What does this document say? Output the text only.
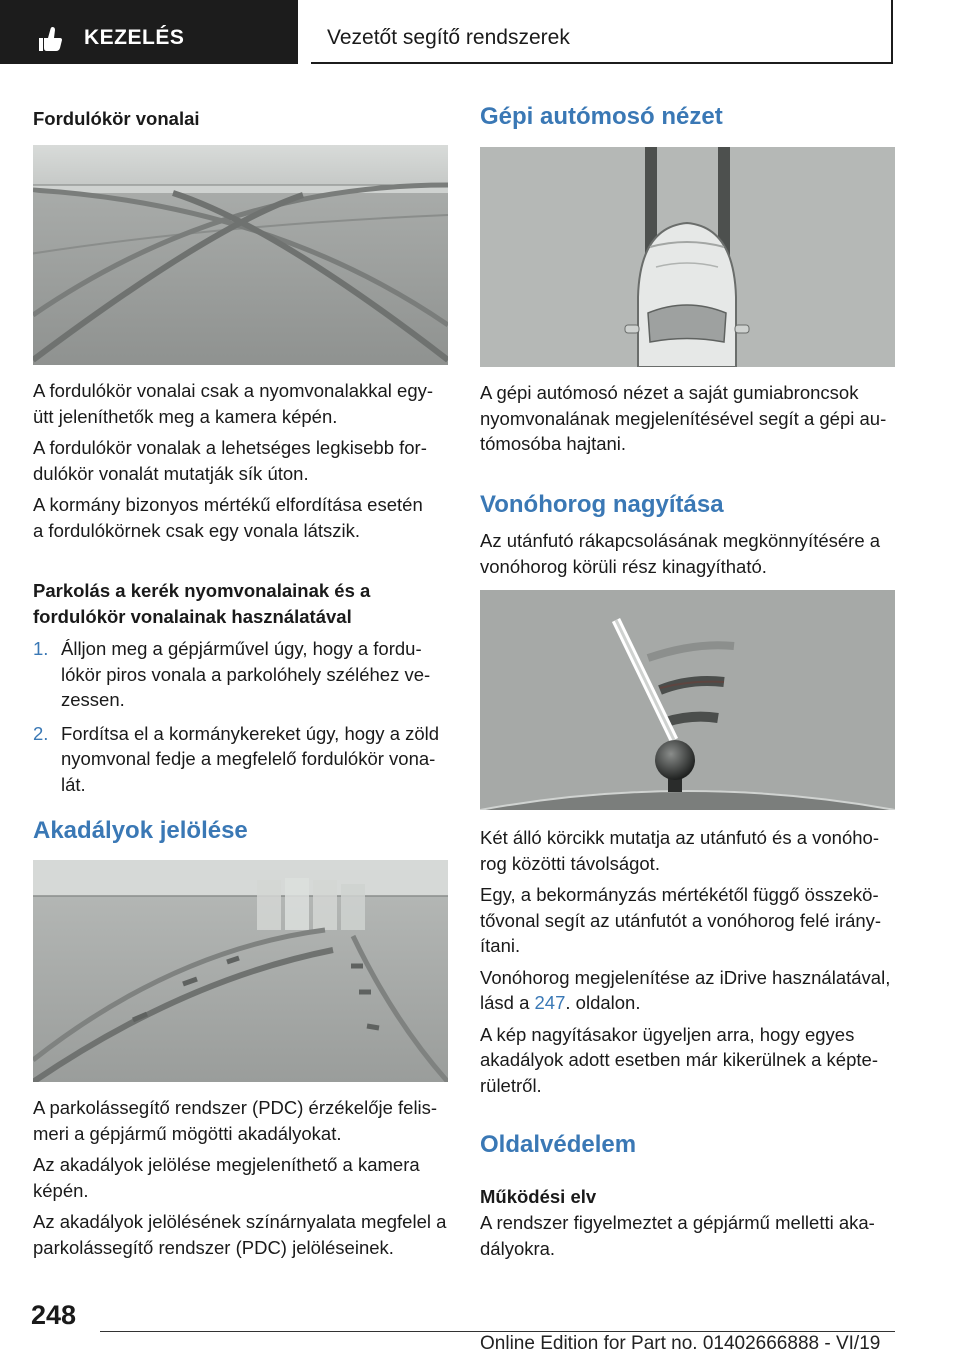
KEZELÉS	Vezetőt segítő rendszerek

Fordulókör vonalai

A fordulókör vonalai csak a nyomvonalakkal egy‐

ütt jeleníthetők meg a kamera képén.

A fordulókör vonalak a lehetséges legkisebb for‐

dulókör vonalát mutatják sík úton.

A kormány bizonyos mértékű elfordítása esetén

a fordulókörnek csak egy vonala látszik.

Parkolás a kerék nyomvonalainak és a

fordulókör vonalainak használatával

1. Álljon meg a gépjárművel úgy, hogy a fordu‐
lókör piros vonala a parkolóhely széléhez ve‐
zessen.
2. Fordítsa el a kormánykereket úgy, hogy a zöld
nyomvonal fedje a megfelelő fordulókör vona‐
lát.

Akadályok jelölése

A parkolássegítő rendszer (PDC) érzékelője felis‐

meri a gépjármű mögötti akadályokat.

Az akadályok jelölése megjeleníthető a kamera

képén.

Az akadályok jelölésének színárnyalata megfelel a

parkolássegítő rendszer (PDC) jelöléseinek.

Gépi autómosó nézet

A gépi autómosó nézet a saját gumiabroncsok

nyomvonalának megjelenítésével segít a gépi au‐

tómosóba hajtani.

Vonóhorog nagyítása

Az utánfutó rákapcsolásának megkönnyítésére a

vonóhorog körüli rész kinagyítható.

Két álló körcikk mutatja az utánfutó és a vonóho‐

rog közötti távolságot.

Egy, a bekormányzás mértékétől függő összekö‐

tővonal segít az utánfutót a vonóhorog felé irány‐

ítani.

Vonóhorog megjelenítése az iDrive használatával,

lásd a 247. oldalon.

A kép nagyításakor ügyeljen arra, hogy egyes

akadályok adott esetben már kikerülnek a képte‐

rületről.

Oldalvédelem

Működési elv

A rendszer figyelmeztet a gépjármű melletti aka‐

dályokra.

248
Online Edition for Part no. 01402666888 - VI/19
